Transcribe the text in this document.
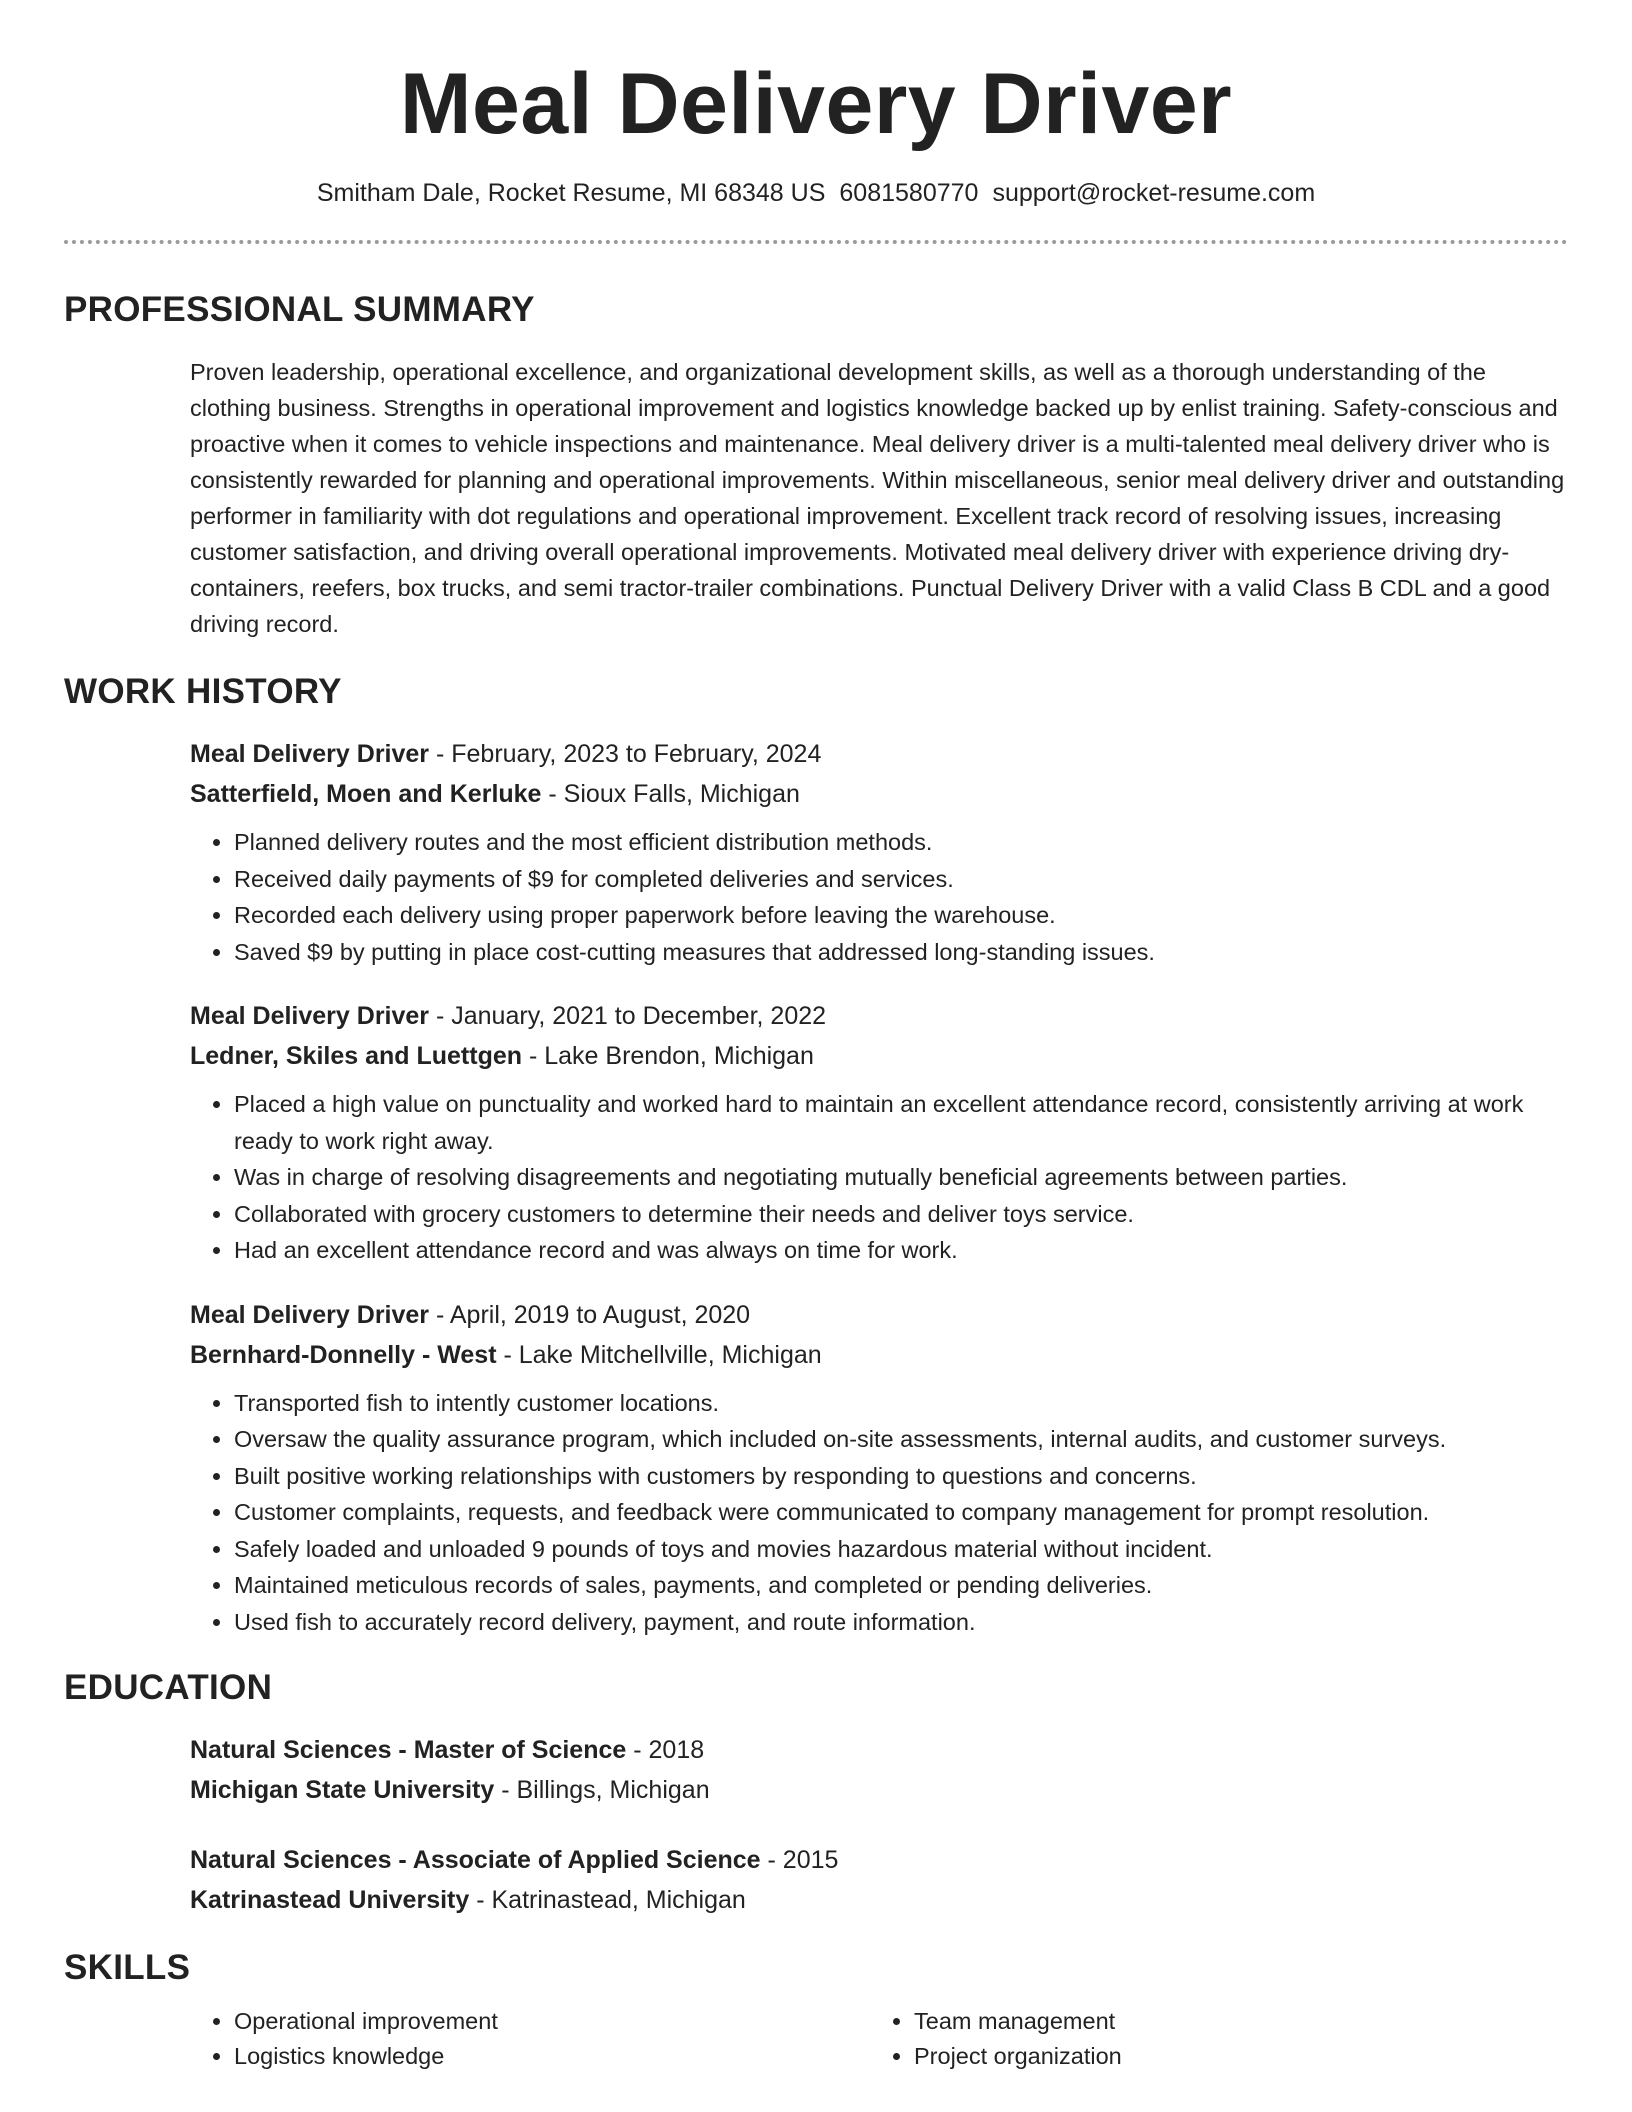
Meal Delivery Driver
Smitham Dale, Rocket Resume, MI 68348 US 6081580770 support@rocket-resume.com
PROFESSIONAL SUMMARY
Proven leadership, operational excellence, and organizational development skills, as well as a thorough understanding of the clothing business. Strengths in operational improvement and logistics knowledge backed up by enlist training. Safety-conscious and proactive when it comes to vehicle inspections and maintenance. Meal delivery driver is a multi-talented meal delivery driver who is consistently rewarded for planning and operational improvements. Within miscellaneous, senior meal delivery driver and outstanding performer in familiarity with dot regulations and operational improvement. Excellent track record of resolving issues, increasing customer satisfaction, and driving overall operational improvements. Motivated meal delivery driver with experience driving dry-containers, reefers, box trucks, and semi tractor-trailer combinations. Punctual Delivery Driver with a valid Class B CDL and a good driving record.
WORK HISTORY
Meal Delivery Driver - February, 2023 to February, 2024
Satterfield, Moen and Kerluke - Sioux Falls, Michigan
• Planned delivery routes and the most efficient distribution methods.
• Received daily payments of $9 for completed deliveries and services.
• Recorded each delivery using proper paperwork before leaving the warehouse.
• Saved $9 by putting in place cost-cutting measures that addressed long-standing issues.
Meal Delivery Driver - January, 2021 to December, 2022
Ledner, Skiles and Luettgen - Lake Brendon, Michigan
• Placed a high value on punctuality and worked hard to maintain an excellent attendance record, consistently arriving at work ready to work right away.
• Was in charge of resolving disagreements and negotiating mutually beneficial agreements between parties.
• Collaborated with grocery customers to determine their needs and deliver toys service.
• Had an excellent attendance record and was always on time for work.
Meal Delivery Driver - April, 2019 to August, 2020
Bernhard-Donnelly - West - Lake Mitchellville, Michigan
• Transported fish to intently customer locations.
• Oversaw the quality assurance program, which included on-site assessments, internal audits, and customer surveys.
• Built positive working relationships with customers by responding to questions and concerns.
• Customer complaints, requests, and feedback were communicated to company management for prompt resolution.
• Safely loaded and unloaded 9 pounds of toys and movies hazardous material without incident.
• Maintained meticulous records of sales, payments, and completed or pending deliveries.
• Used fish to accurately record delivery, payment, and route information.
EDUCATION
Natural Sciences - Master of Science - 2018
Michigan State University - Billings, Michigan
Natural Sciences - Associate of Applied Science - 2015
Katrinastead University - Katrinastead, Michigan
SKILLS
• Operational improvement
• Logistics knowledge
• Team management
• Project organization
